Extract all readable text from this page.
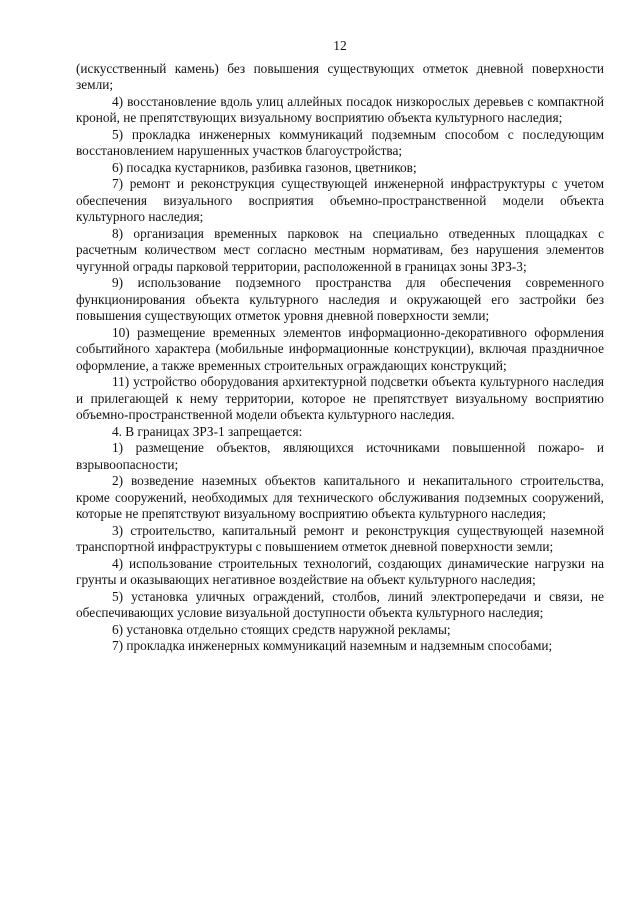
12

(искусственный камень) без повышения существующих отметок дневной поверхности земли;

4) восстановление вдоль улиц аллейных посадок низкорослых деревьев с компактной кроной, не препятствующих визуальному восприятию объекта культурного наследия;

5) прокладка инженерных коммуникаций подземным способом с последующим восстановлением нарушенных участков благоустройства;

6) посадка кустарников, разбивка газонов, цветников;

7) ремонт и реконструкция существующей инженерной инфраструктуры с учетом обеспечения визуального восприятия объемно-пространственной модели объекта культурного наследия;

8) организация временных парковок на специально отведенных площадках с расчетным количеством мест согласно местным нормативам, без нарушения элементов чугунной ограды парковой территории, расположенной в границах зоны ЗРЗ-3;

9) использование подземного пространства для обеспечения современного функционирования объекта культурного наследия и окружающей его застройки без повышения существующих отметок уровня дневной поверхности земли;

10) размещение временных элементов информационно-декоративного оформления событийного характера (мобильные информационные конструкции), включая праздничное оформление, а также временных строительных ограждающих конструкций;

11) устройство оборудования архитектурной подсветки объекта культурного наследия и прилегающей к нему территории, которое не препятствует визуальному восприятию объемно-пространственной модели объекта культурного наследия.

4. В границах ЗРЗ-1 запрещается:

1) размещение объектов, являющихся источниками повышенной пожаро- и взрывоопасности;

2) возведение наземных объектов капитального и некапитального строительства, кроме сооружений, необходимых для технического обслуживания подземных сооружений, которые не препятствуют визуальному восприятию объекта культурного наследия;

3) строительство, капитальный ремонт и реконструкция существующей наземной транспортной инфраструктуры с повышением отметок дневной поверхности земли;

4) использование строительных технологий, создающих динамические нагрузки на грунты и оказывающих негативное воздействие на объект культурного наследия;

5) установка уличных ограждений, столбов, линий электропередачи и связи, не обеспечивающих условие визуальной доступности объекта культурного наследия;

6) установка отдельно стоящих средств наружной рекламы;

7) прокладка инженерных коммуникаций наземным и надземным способами;
